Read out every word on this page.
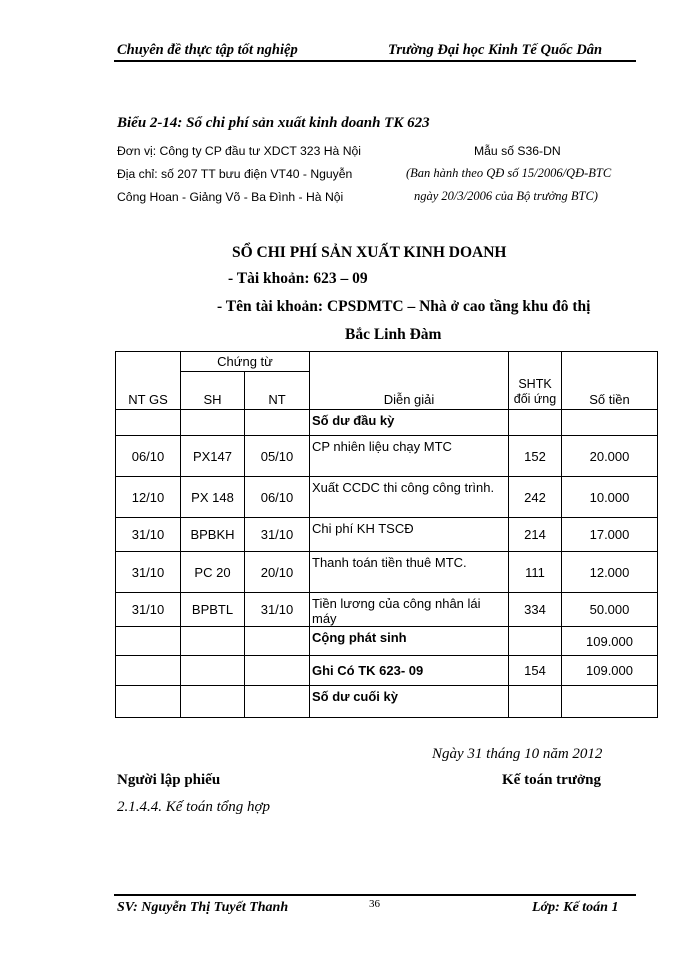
Chuyên đề thực tập tốt nghiệp	Trường Đại học Kinh Tế Quốc Dân
Biểu 2-14: Sổ chi phí sản xuất kinh doanh TK 623
Đơn vị: Công ty CP đầu tư XDCT 323 Hà Nội
Địa chỉ: số 207 TT bưu điện VT40 - Nguyễn
Công Hoan - Giảng Võ - Ba Đình - Hà Nội
Mẫu số S36-DN
(Ban hành theo QĐ số 15/2006/QĐ-BTC
ngày 20/3/2006 của Bộ trưởng BTC)
SỔ CHI PHÍ SẢN XUẤT KINH DOANH
- Tài khoản: 623 – 09
- Tên tài khoản: CPSDMTC – Nhà ở cao tầng khu đô thị
Bắc Linh Đàm
NT GS	Chứng từ		Diễn giải	SHTK đối ứng	Số tiền
	SH	NT			
			Số dư đầu kỳ		
06/10	PX147	05/10	CP nhiên liệu chạy MTC	152	20.000
12/10	PX 148	06/10	Xuất CCDC thi công công trình.	242	10.000
31/10	BPBKH	31/10	Chi phí KH TSCĐ	214	17.000
31/10	PC 20	20/10	Thanh toán tiền thuê MTC.	111	12.000
31/10	BPBTL	31/10	Tiền lương của công nhân lái máy	334	50.000
			Cộng phát sinh		109.000
			Ghi Có TK 623- 09	154	109.000
			Số dư cuối kỳ		
Ngày 31 tháng 10 năm 2012
Người lập phiếu	Kế toán trưởng
2.1.4.4. Kế toán tổng hợp
SV: Nguyễn Thị Tuyết Thanh	36	Lớp: Kế toán 1
